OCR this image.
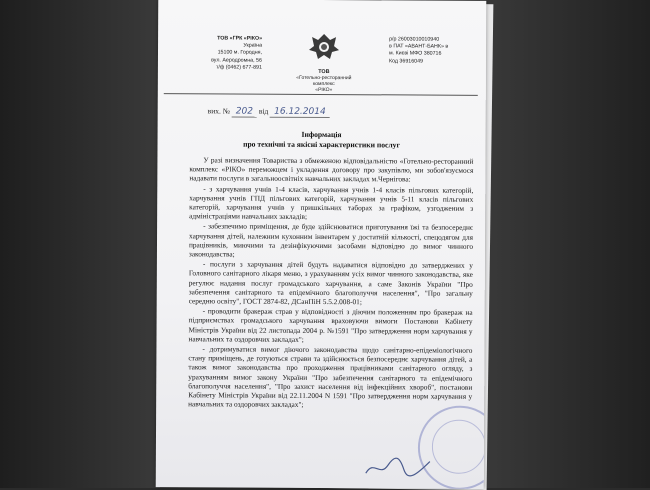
ТОВ «ГРК «РІКО»
Україна
15100 м. Городня,
вул. Аеродромна, 56
т/ф (0462) 677-891
ТОВ
«Готельно-ресторанний комплекс
«РІКО»
р/р 26003010010940
в ПАТ «АВАНТ-БАНК» в
м. Києві МФО 380716
Код 36916049
вих. № 202 від 16.12.2014
Інформація
про технічні та якісні характеристики послуг

У разі визначення Товариства з обмеженою відповідальністю «Готельно-ресторанний комплекс «РІКО» переможцем і укладення договору про закупівлю, ми зобов'язуємося надавати послуги в загальноосвітніх навчальних закладах м.Чернігова:

- з харчування учнів 1-4 класів, харчування учнів 1-4 класів пільгових категорій, харчування учнів ГПД пільгових категорій, харчування учнів 5-11 класів пільгових категорій, харчування учнів у пришкільних таборах за графіком, узгодженим з адміністраціями навчальних закладів;

- забезпечимо приміщення, де буде здійснюватися приготування їжі та безпосереднє харчування дітей, належним кухонним інвентарем у достатній кількості, спецодягом для працівників, миючими та дезінфікуючими засобами відповідно до вимог чинного законодавства;

- послуги з харчування дітей будуть надаватися відповідно до затверджених у Головного санітарного лікаря меню, з урахуванням усіх вимог чинного законодавства, яке регулює надання послуг громадського харчування, а саме Законів України "Про забезпечення санітарного та епідемічного благополуччя населення", "Про загальну середню освіту", ГОСТ 2874-82, ДСанПіН 5.5.2.008-01;

- проводити бракераж страв у відповідності з діючим положенням про бракераж на підприємствах громадського харчування враховуючи вимоги Постанови Кабінету Міністрів України від 22 листопада 2004 р. №1591 "Про затвердження норм харчування у навчальних та оздоровчих закладах";

- дотримуватися вимог діючого законодавства щодо санітарно-епідеміологічного стану приміщень, де готуються страви та здійснюється безпосереднє харчування дітей, а також вимог законодавства про проходження працівниками санітарного огляду, з урахуванням вимог закону України "Про забезпечення санітарного та епідемічного благополуччя населення", "Про захист населення від інфекційних хвороб", постанови Кабінету Міністрів України від 22.11.2004 N 1591 "Про затвердження норм харчування у навчальних та оздоровчих закладах";
